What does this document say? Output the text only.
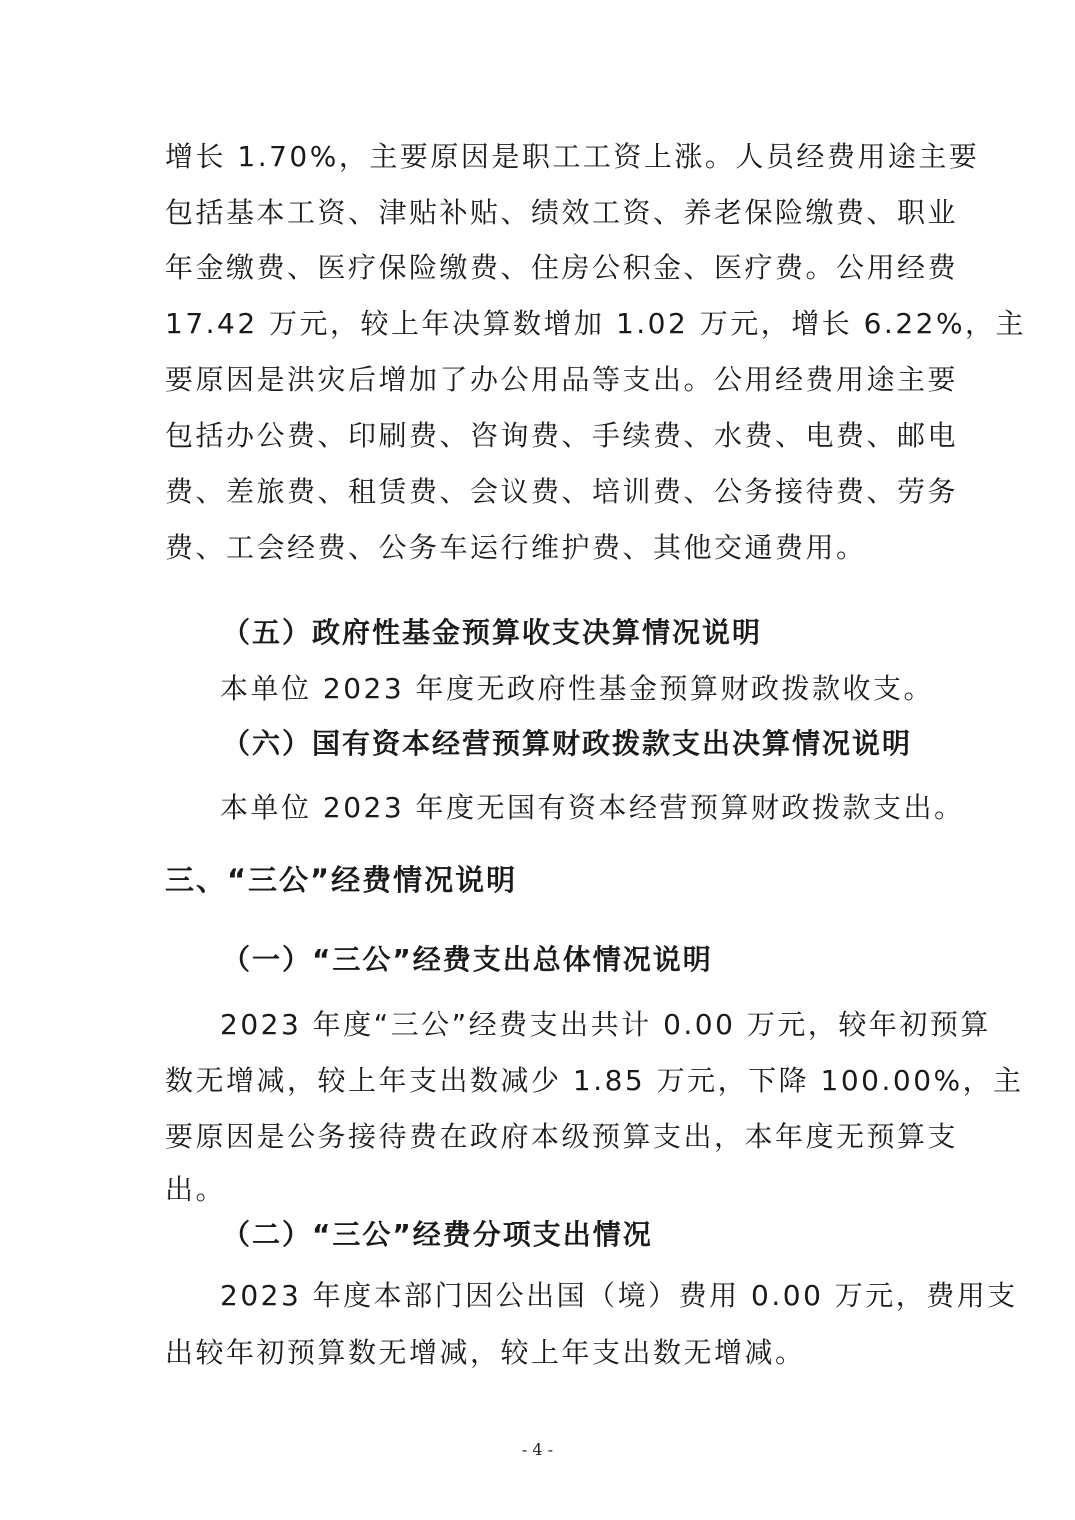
增长 1.70%，主要原因是职工工资上涨。人员经费用途主要
包括基本工资、津贴补贴、绩效工资、养老保险缴费、职业
年金缴费、医疗保险缴费、住房公积金、医疗费。公用经费
17.42 万元，较上年决算数增加 1.02 万元，增长 6.22%，主
要原因是洪灾后增加了办公用品等支出。公用经费用途主要
包括办公费、印刷费、咨询费、手续费、水费、电费、邮电
费、差旅费、租赁费、会议费、培训费、公务接待费、劳务
费、工会经费、公务车运行维护费、其他交通费用。
（五）政府性基金预算收支决算情况说明
本单位 2023 年度无政府性基金预算财政拨款收支。
（六）国有资本经营预算财政拨款支出决算情况说明
本单位 2023 年度无国有资本经营预算财政拨款支出。
三、“三公”经费情况说明
（一）“三公”经费支出总体情况说明
2023 年度“三公”经费支出共计 0.00 万元，较年初预算
数无增减，较上年支出数减少 1.85 万元，下降 100.00%，主
要原因是公务接待费在政府本级预算支出，本年度无预算支
出。
（二）“三公”经费分项支出情况
2023 年度本部门因公出国（境）费用 0.00 万元，费用支
出较年初预算数无增减，较上年支出数无增减。
- 4 -
